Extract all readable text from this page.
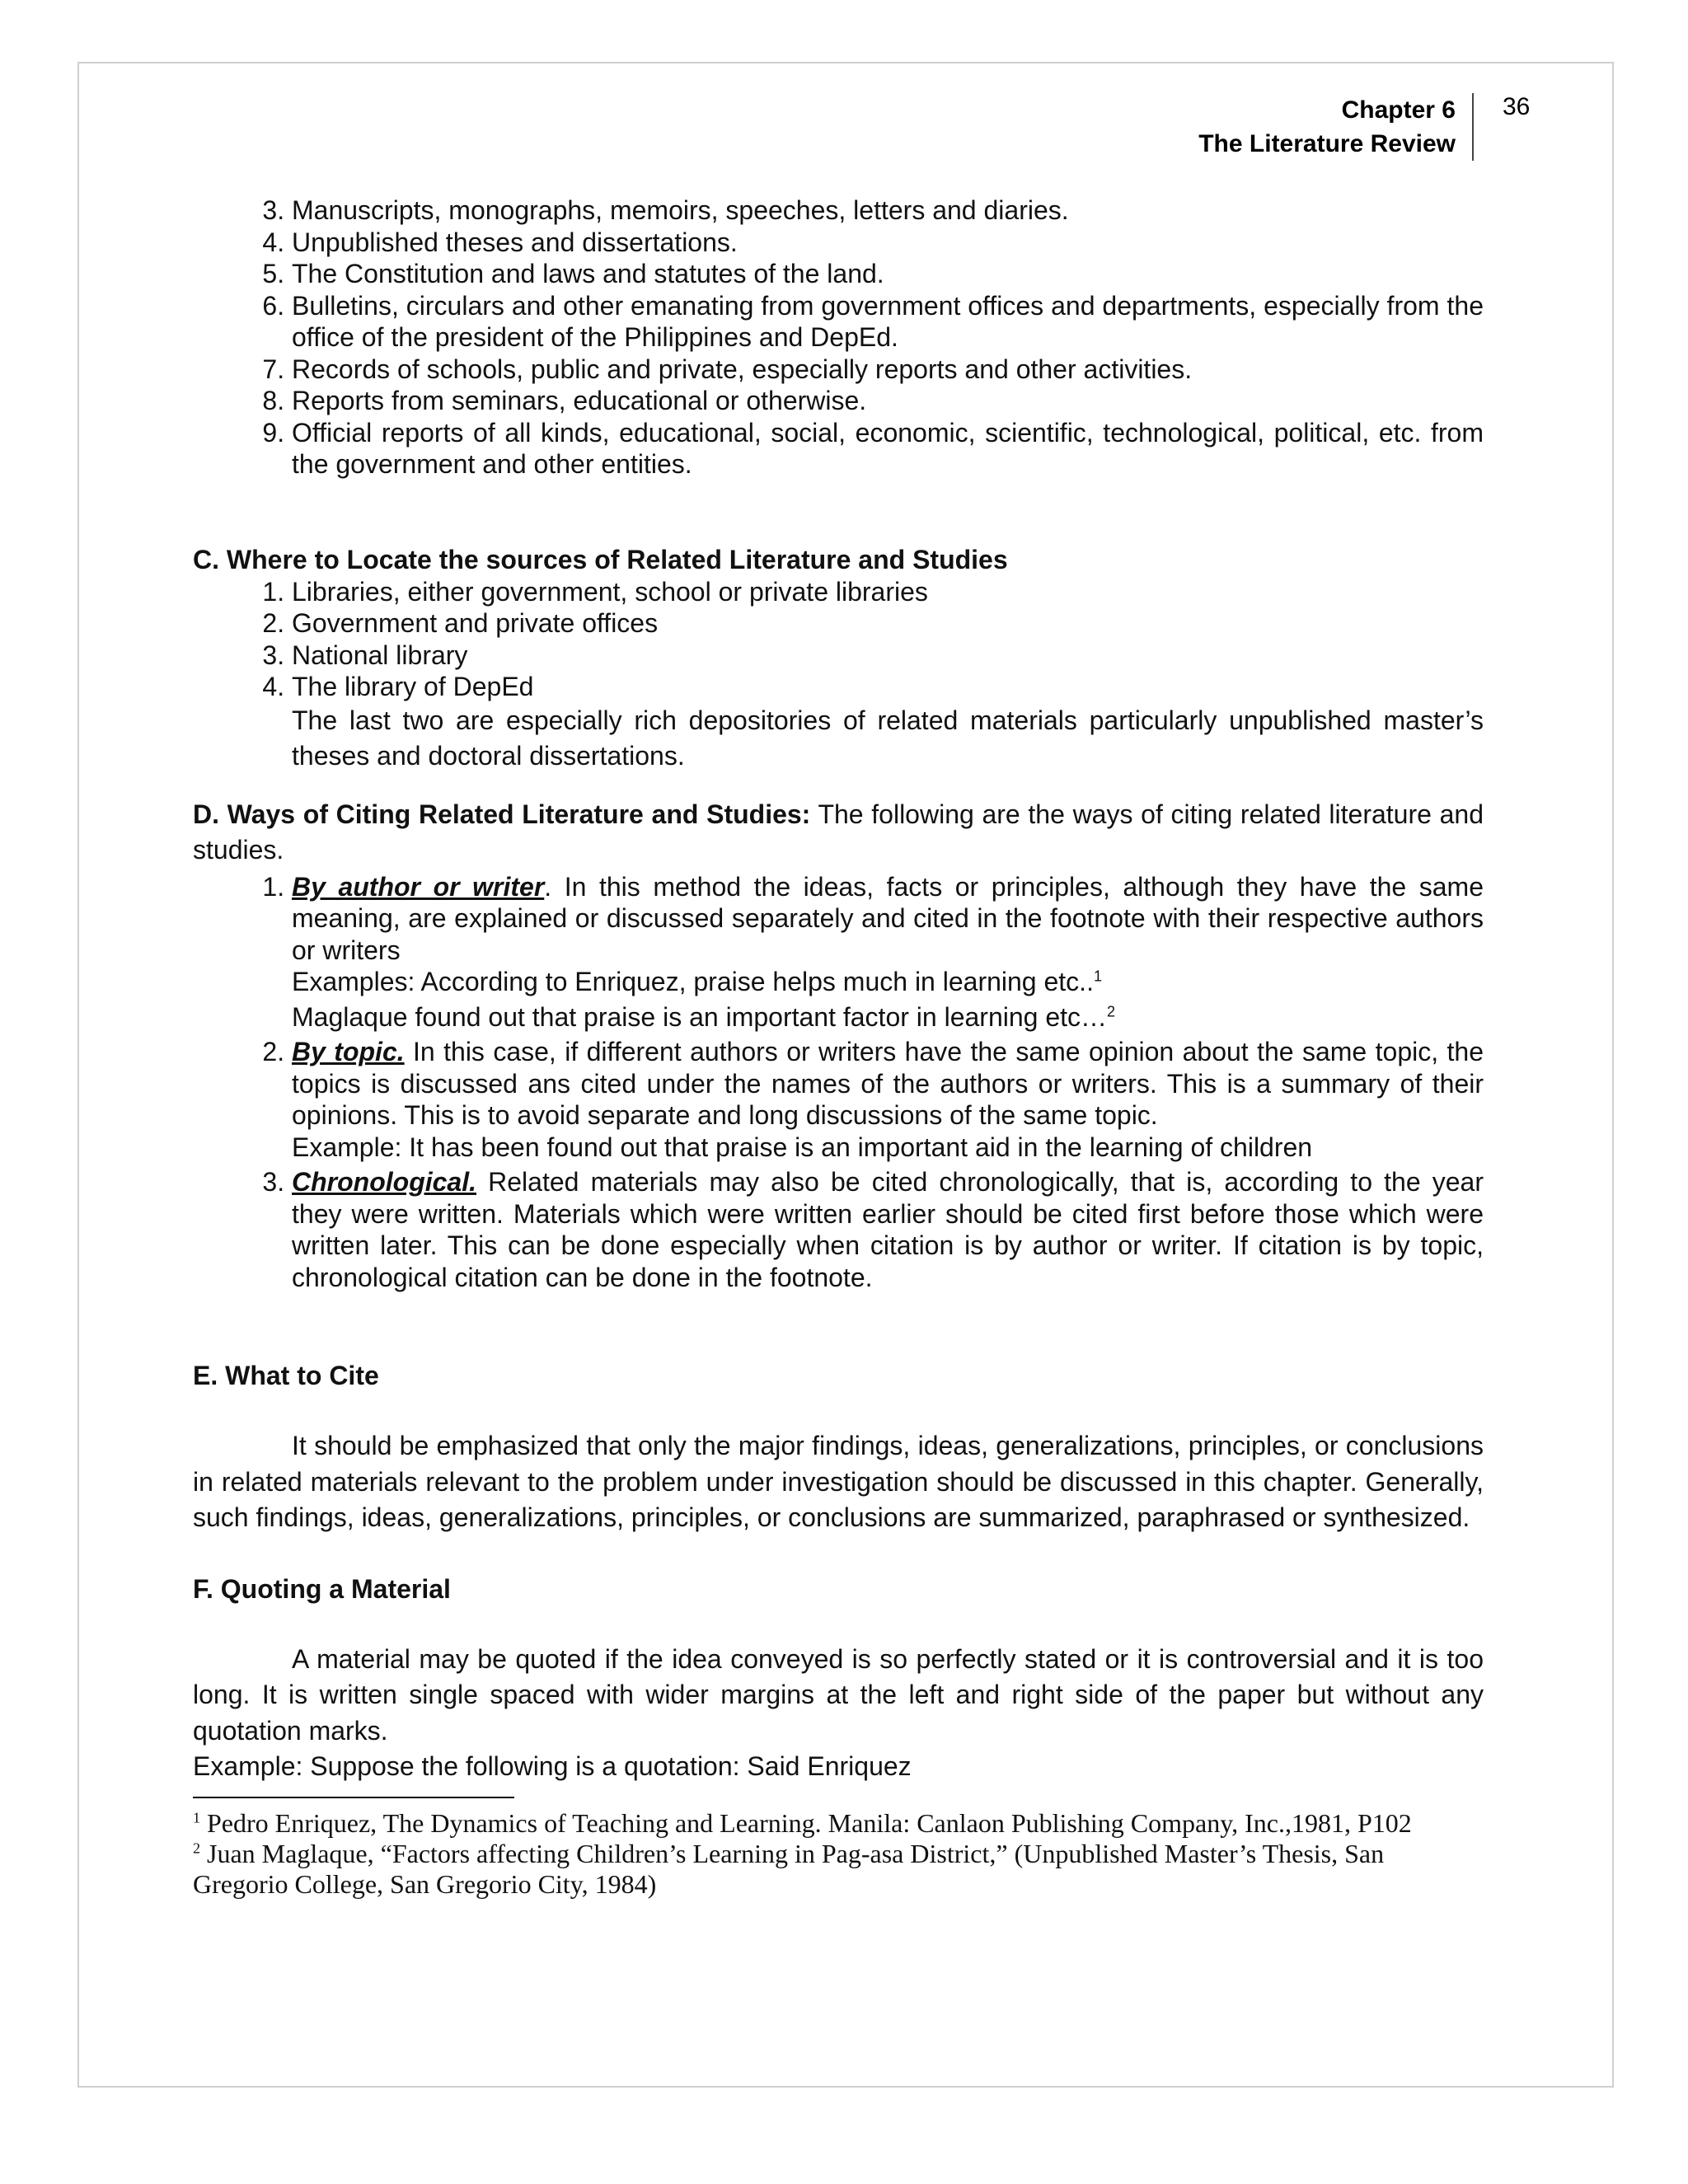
Chapter 6
The Literature Review
36
3. Manuscripts, monographs, memoirs, speeches, letters and diaries.
4. Unpublished theses and dissertations.
5. The Constitution and laws and statutes of the land.
6. Bulletins, circulars and other emanating from government offices and departments, especially from the office of the president of the Philippines and DepEd.
7. Records of schools, public and private, especially reports and other activities.
8. Reports from seminars, educational or otherwise.
9. Official reports of all kinds, educational, social, economic, scientific, technological, political, etc. from the government and other entities.
C. Where to Locate the sources of Related Literature and Studies
1. Libraries, either government, school or private libraries
2. Government and private offices
3. National library
4. The library of DepEd

The last two are especially rich depositories of related materials particularly unpublished master’s theses and doctoral dissertations.

D. Ways of Citing Related Literature and Studies: The following are the ways of citing related literature and studies.

1. By author or writer. In this method the ideas, facts or principles, although they have the same meaning, are explained or discussed separately and cited in the footnote with their respective authors or writers
Examples: According to Enriquez, praise helps much in learning etc..$^1$
Maglaque found out that praise is an important factor in learning etc…$^2$
2. By topic. In this case, if different authors or writers have the same opinion about the same topic, the topics is discussed ans cited under the names of the authors or writers. This is a summary of their opinions. This is to avoid separate and long discussions of the same topic.
Example: It has been found out that praise is an important aid in the learning of children
3. Chronological. Related materials may also be cited chronologically, that is, according to the year they were written. Materials which were written earlier should be cited first before those which were written later. This can be done especially when citation is by author or writer. If citation is by topic, chronological citation can be done in the footnote.
E. What to Cite

It should be emphasized that only the major findings, ideas, generalizations, principles, or conclusions in related materials relevant to the problem under investigation should be discussed in this chapter. Generally, such findings, ideas, generalizations, principles, or conclusions are summarized, paraphrased or synthesized.

F. Quoting a Material

A material may be quoted if the idea conveyed is so perfectly stated or it is controversial and it is too long. It is written single spaced with wider margins at the left and right side of the paper but without any quotation marks.

Example: Suppose the following is a quotation: Said Enriquez

$^1$ Pedro Enriquez, The Dynamics of Teaching and Learning. Manila: Canlaon Publishing Company, Inc.,1981, P102
$^2$ Juan Maglaque, “Factors affecting Children’s Learning in Pag-asa District,” (Unpublished Master’s Thesis, San Gregorio College, San Gregorio City, 1984)
